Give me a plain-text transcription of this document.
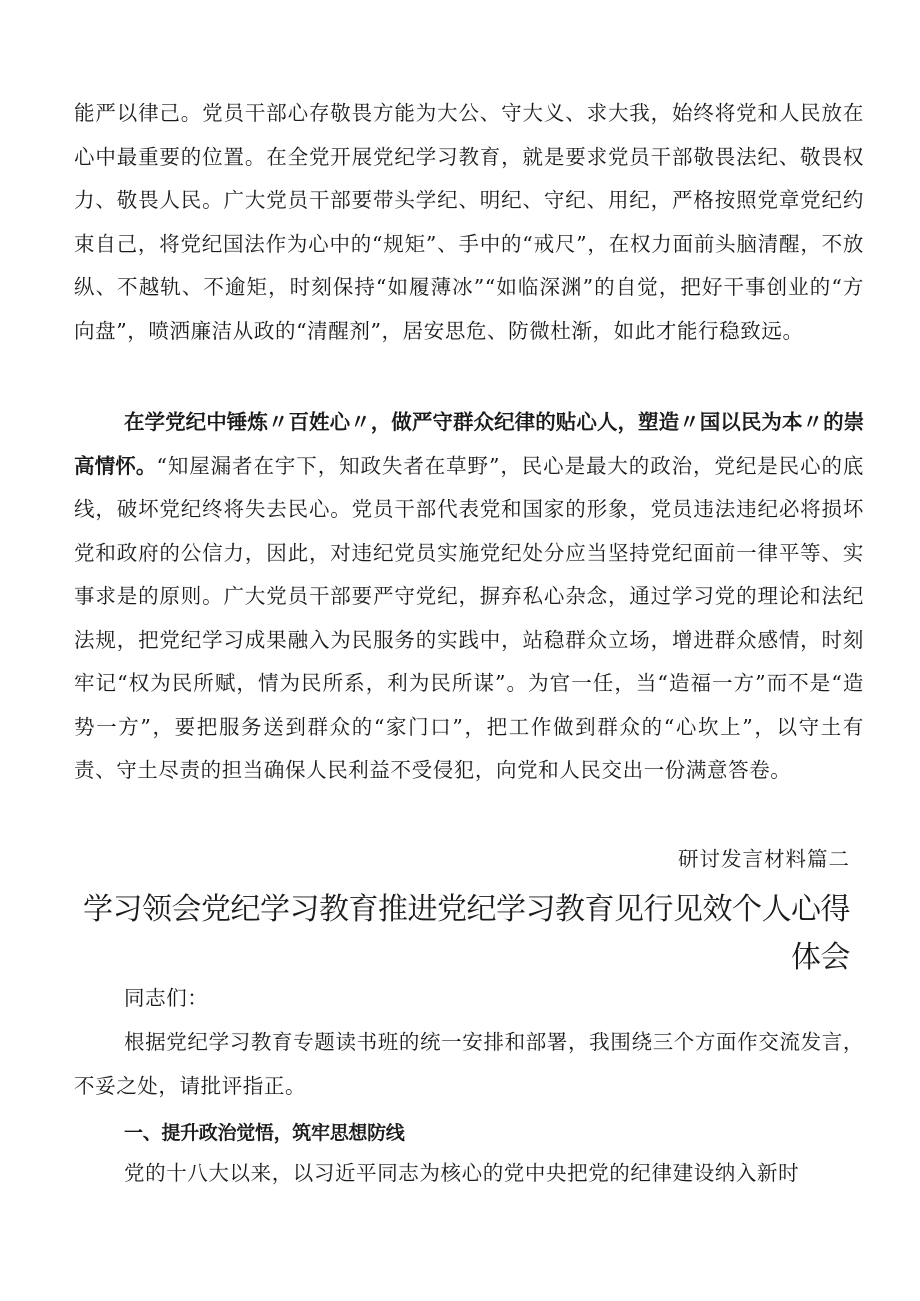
能严以律己。党员干部心存敬畏方能为大公、守大义、求大我，始终将党和人民放在心中最重要的位置。在全党开展党纪学习教育，就是要求党员干部敬畏法纪、敬畏权力、敬畏人民。广大党员干部要带头学纪、明纪、守纪、用纪，严格按照党章党纪约束自己，将党纪国法作为心中的“规矩”、手中的“戒尺”，在权力面前头脑清醒，不放纵、不越轨、不逾矩，时刻保持“如履薄冰”“如临深渊”的自觉，把好干事创业的“方向盘”，喷洒廉洁从政的“清醒剂”，居安思危、防微杜渐，如此才能行稳致远。

在学党纪中锤炼〃百姓心〃，做严守群众纪律的贴心人，塑造〃国以民为本〃的崇高情怀。“知屋漏者在宇下，知政失者在草野”，民心是最大的政治，党纪是民心的底线，破坏党纪终将失去民心。党员干部代表党和国家的形象，党员违法违纪必将损坏党和政府的公信力，因此，对违纪党员实施党纪处分应当坚持党纪面前一律平等、实事求是的原则。广大党员干部要严守党纪，摒弃私心杂念，通过学习党的理论和法纪法规，把党纪学习成果融入为民服务的实践中，站稳群众立场，增进群众感情，时刻牢记“权为民所赋，情为民所系，利为民所谋”。为官一任，当“造福一方”而不是“造势一方”，要把服务送到群众的“家门口”，把工作做到群众的“心坎上”，以守土有责、守土尽责的担当确保人民利益不受侵犯，向党和人民交出一份满意答卷。

研讨发言材料篇二

学习领会党纪学习教育推进党纪学习教育见行见效个人心得体会

同志们：

根据党纪学习教育专题读书班的统一安排和部署，我围绕三个方面作交流发言，不妥之处，请批评指正。

一、提升政治觉悟，筑牢思想防线

党的十八大以来，以习近平同志为核心的党中央把党的纪律建设纳入新时
